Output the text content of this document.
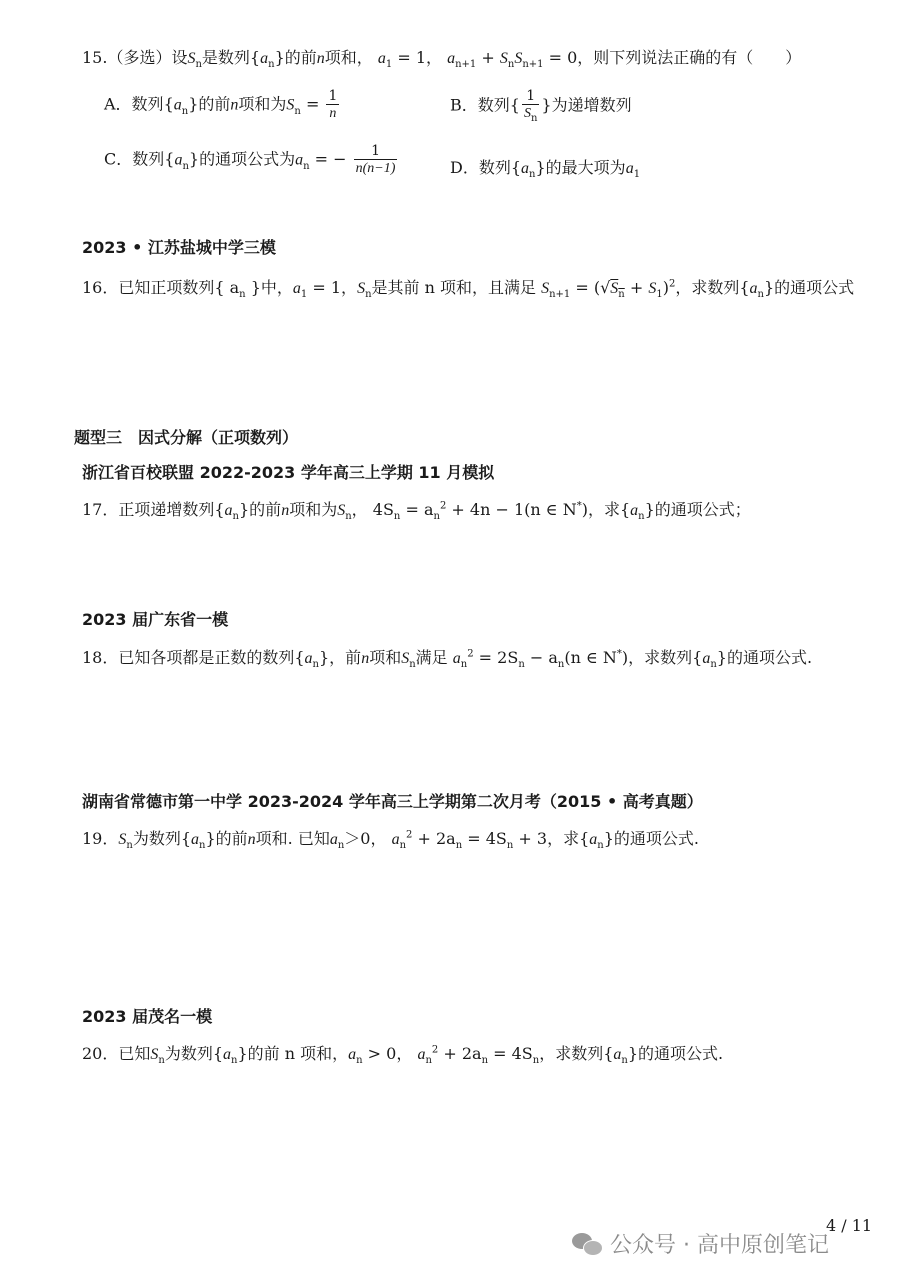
15.（多选）设$S_n$是数列$\{a_n\}$的前n项和， $a_1 = 1$， $a_{n+1} + S_nS_{n+1} = 0$，则下列说法正确的有（　　）
A．数列$\{a_n\}$的前n项和为$S_n = \frac{1}{n}$	B．数列{ $\frac{1}{S_n}$ }为递增数列
C．数列$\{a_n\}$的通项公式为$a_n$ = − $\frac{1}{n(n-1)}$	D．数列$\{a_n\}$的最大项为$a_1$
2023 • 江苏盐城中学三模
16．已知正项数列{ $a_n$ }中，$a_1 = 1$，$S_n$是其前 n 项和，且满足 $S_{n+1} = (√S_n + S_1)^2$，求数列$\{a_n\}$的通项公式
题型三　因式分解（正项数列）
浙江省百校联盟 2022-2023 学年高三上学期 11 月模拟
17．正项递增数列$\{a_n\}$的前n项和为$S_n$， $4S_n = a_n^2 + 4n - 1(n$ ∈ N*)，求$\{a_n\}$的通项公式；
2023 届广东省一模
18．已知各项都是正数的数列$\{a_n\}$，前n项和$S_n$满足 $a_n^2 = 2S_n - a_n(n$ ∈ N*)，求数列$\{a_n\}$的通项公式.
湖南省常德市第一中学 2023-2024 学年高三上学期第二次月考（2015 • 高考真题）
19．$S_n$为数列$\{a_n\}$的前n项和. 已知$a_n>0$， $a_n^2 + 2a_n = 4S_n + 3$，求$\{a_n\}$的通项公式.
2023 届茂名一模
20．已知$S_n$为数列$\{a_n\}$的前 n 项和，$a_n > 0$， $a_n^2 + 2a_n = 4S_n$，求数列$\{a_n\}$的通项公式.
4 / 11
公众号 · 高中原创笔记
